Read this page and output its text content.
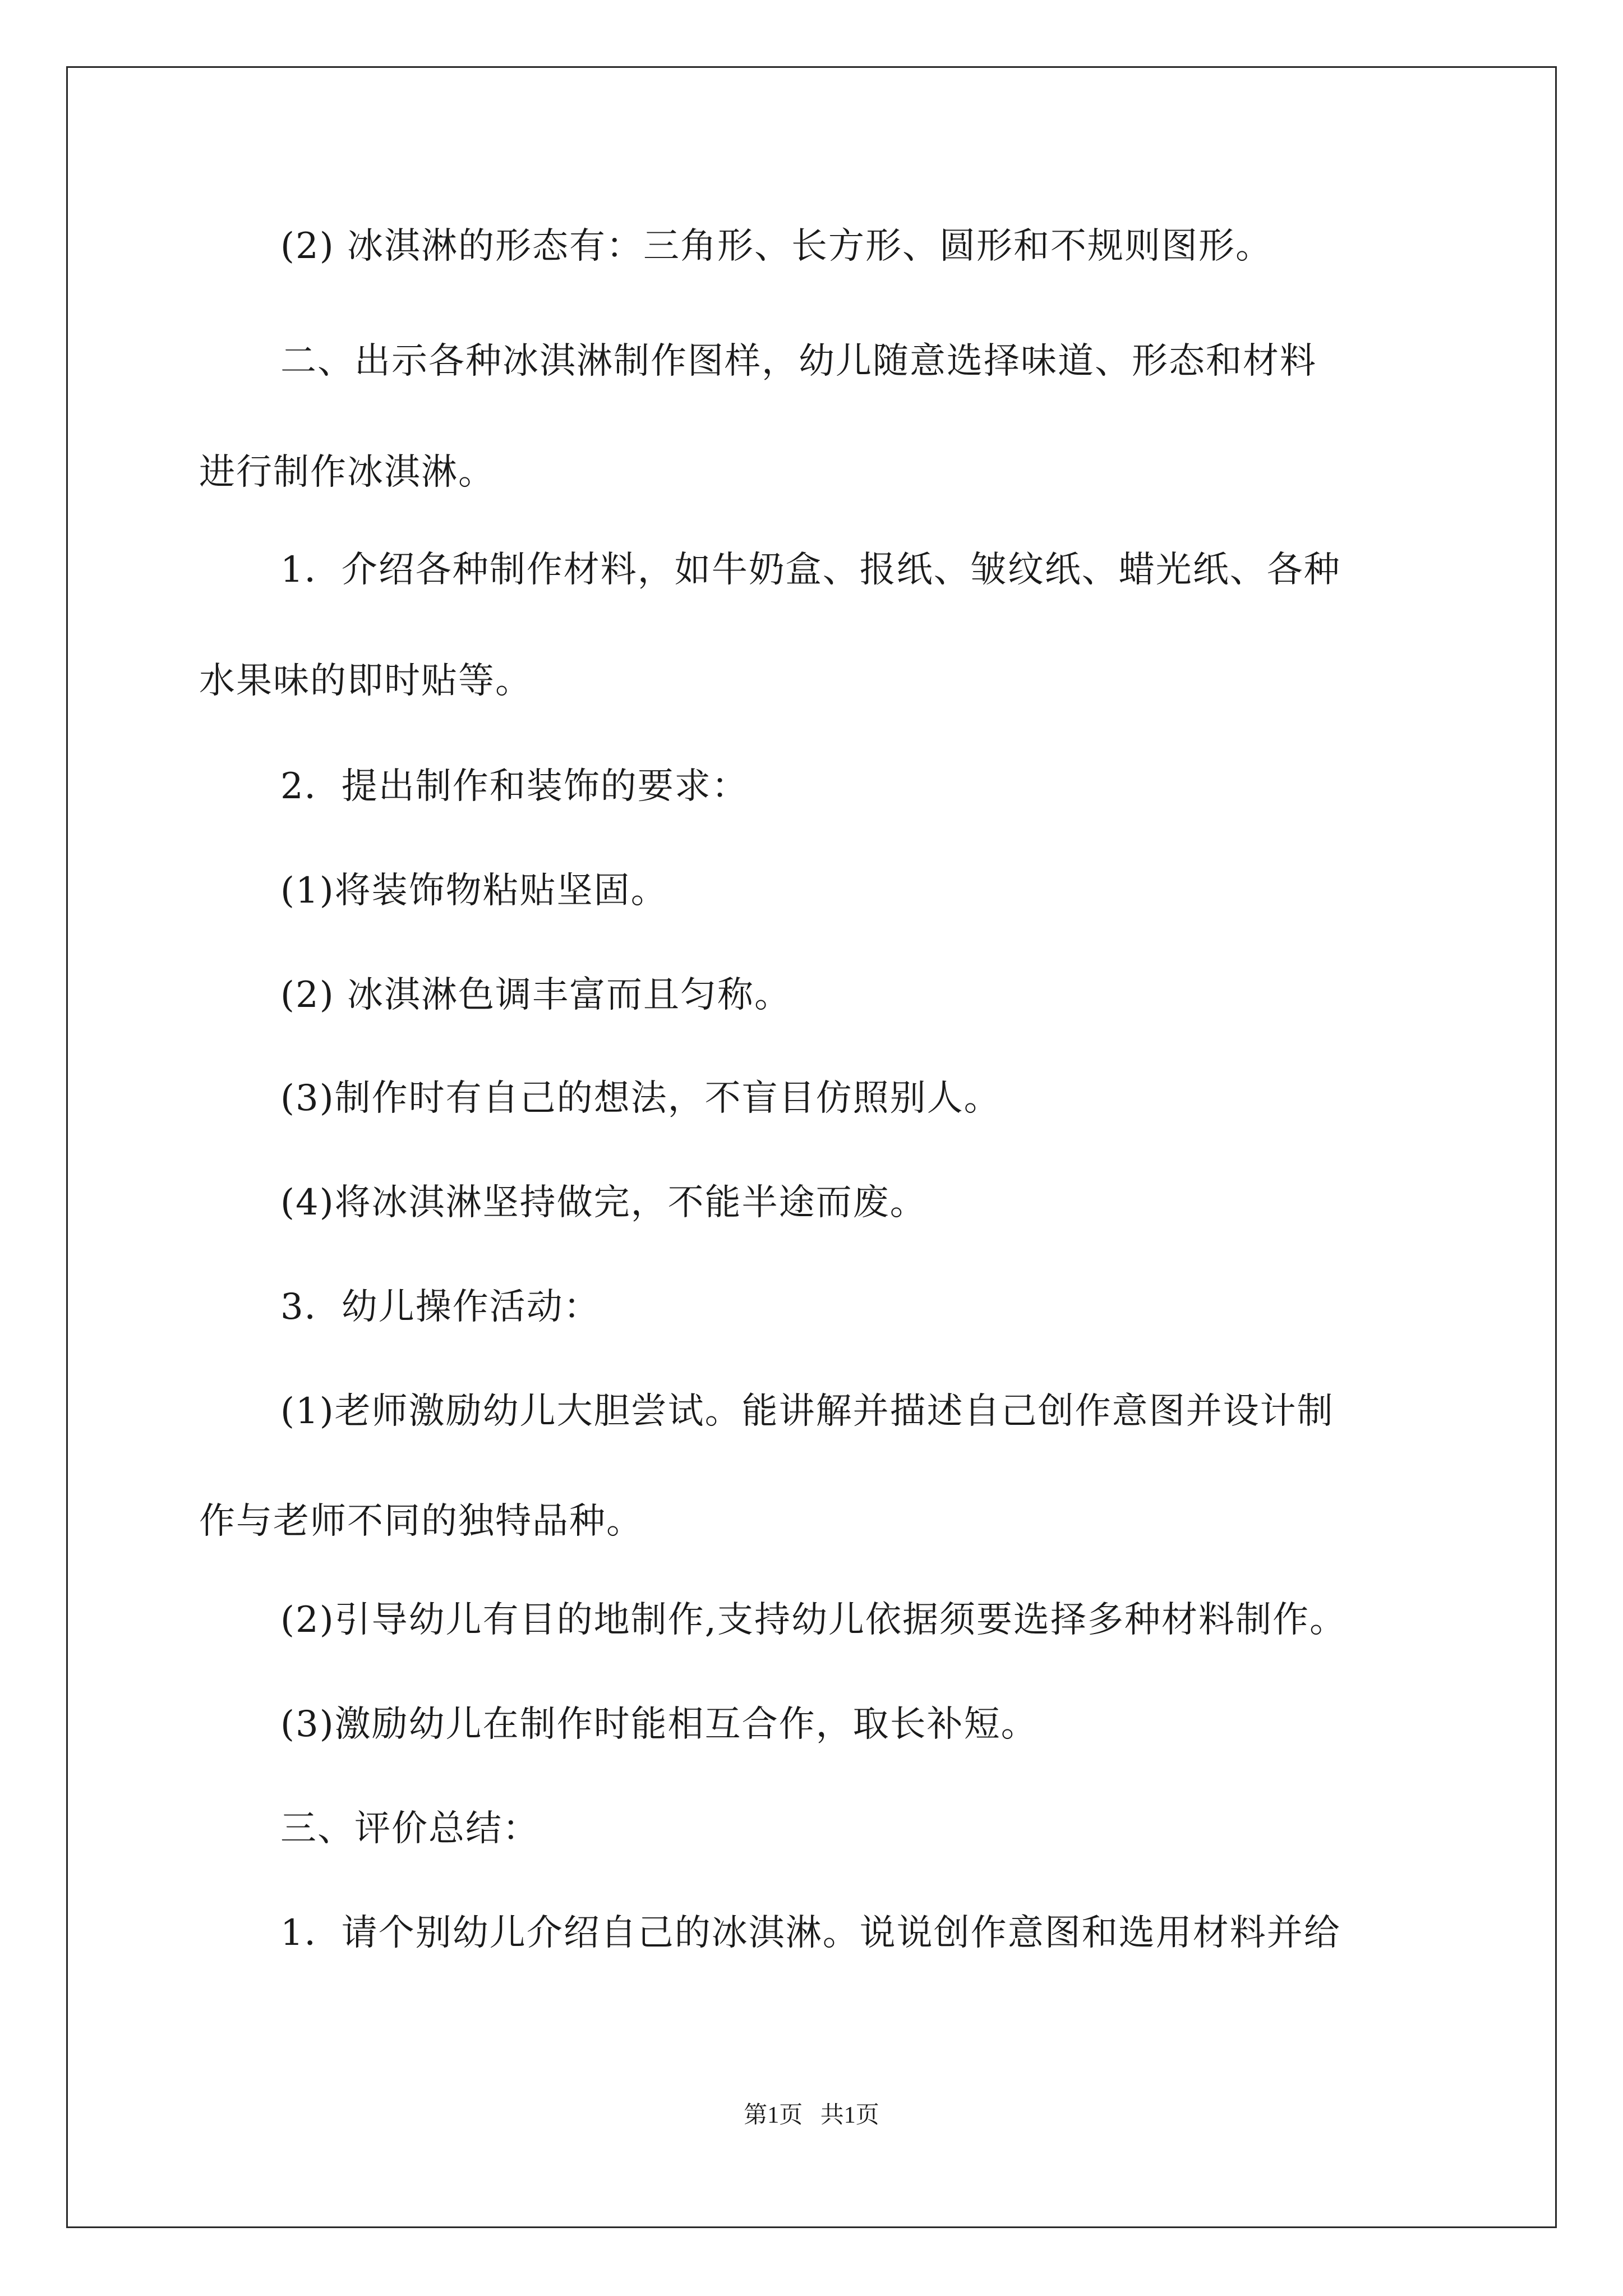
(2) 冰淇淋的形态有：三角形、长方形、圆形和不规则图形。

二、出示各种冰淇淋制作图样，幼儿随意选择味道、形态和材料

进行制作冰淇淋。

1．介绍各种制作材料，如牛奶盒、报纸、皱纹纸、蜡光纸、各种

水果味的即时贴等。

2．提出制作和装饰的要求：

(1)将装饰物粘贴坚固。

(2) 冰淇淋色调丰富而且匀称。

(3)制作时有自己的想法，不盲目仿照别人。

(4)将冰淇淋坚持做完，不能半途而废。

3．幼儿操作活动：

(1)老师激励幼儿大胆尝试。能讲解并描述自己创作意图并设计制

作与老师不同的独特品种。

(2)引导幼儿有目的地制作,支持幼儿依据须要选择多种材料制作。

(3)激励幼儿在制作时能相互合作，取长补短。

三、评价总结：

1．请个别幼儿介绍自己的冰淇淋。说说创作意图和选用材料并给

第1页   共1页
